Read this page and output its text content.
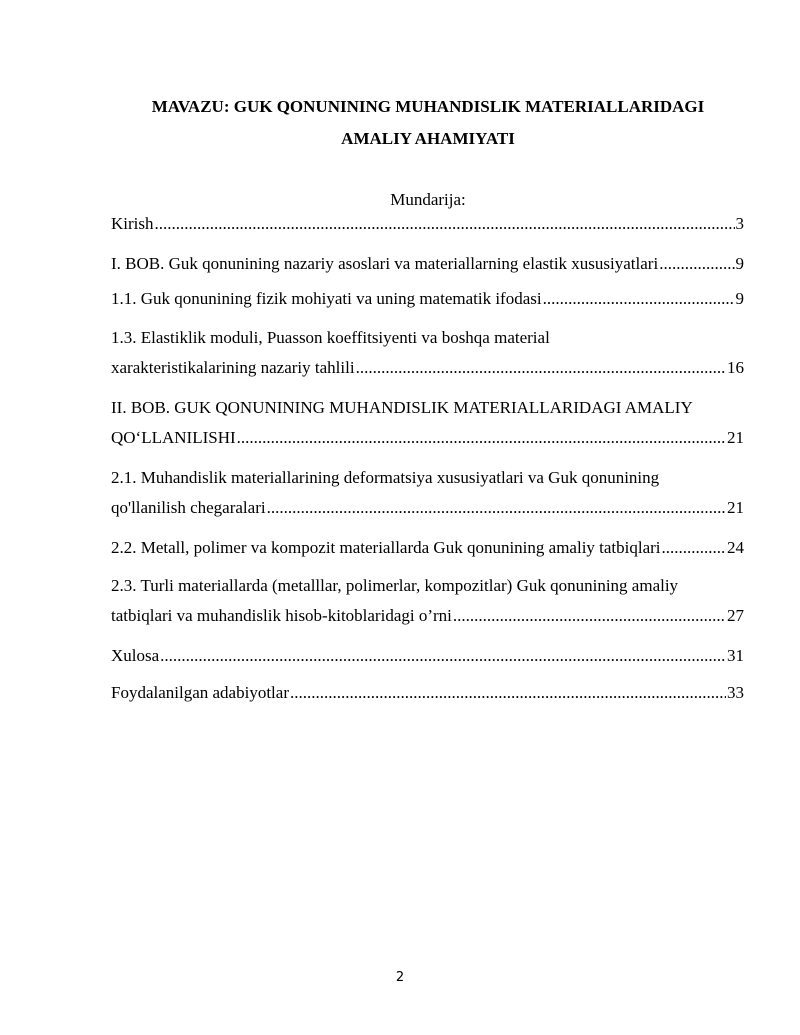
MAVAZU: GUK QONUNINING MUHANDISLIK MATERIALLARIDAGI
AMALIY AHAMIYATI
Mundarija:
Kirish .....	3
I. BOB. Guk qonunining nazariy asoslari va materiallarning elastik xususiyatlari .....	9
1.1. Guk qonunining fizik mohiyati va uning matematik ifodasi .....	9
1.3. Elastiklik moduli, Puasson koeffitsiyenti va boshqa material
xarakteristikalarining nazariy tahlili .....	16
II. BOB. GUK QONUNINING MUHANDISLIK MATERIALLARIDAGI AMALIY
QO‘LLANILISHI .....	21
2.1. Muhandislik materiallarining deformatsiya xususiyatlari va Guk qonunining
qo'llanilish chegaralari .....	21
2.2. Metall, polimer va kompozit materiallarda Guk qonunining amaliy tatbiqlari .....	24
2.3. Turli materiallarda (metalllar, polimerlar, kompozitlar) Guk qonunining amaliy
tatbiqlari va muhandislik hisob-kitoblaridagi o’rni .....	27
Xulosa .....	31
Foydalanilgan adabiyotlar .....	33
2
